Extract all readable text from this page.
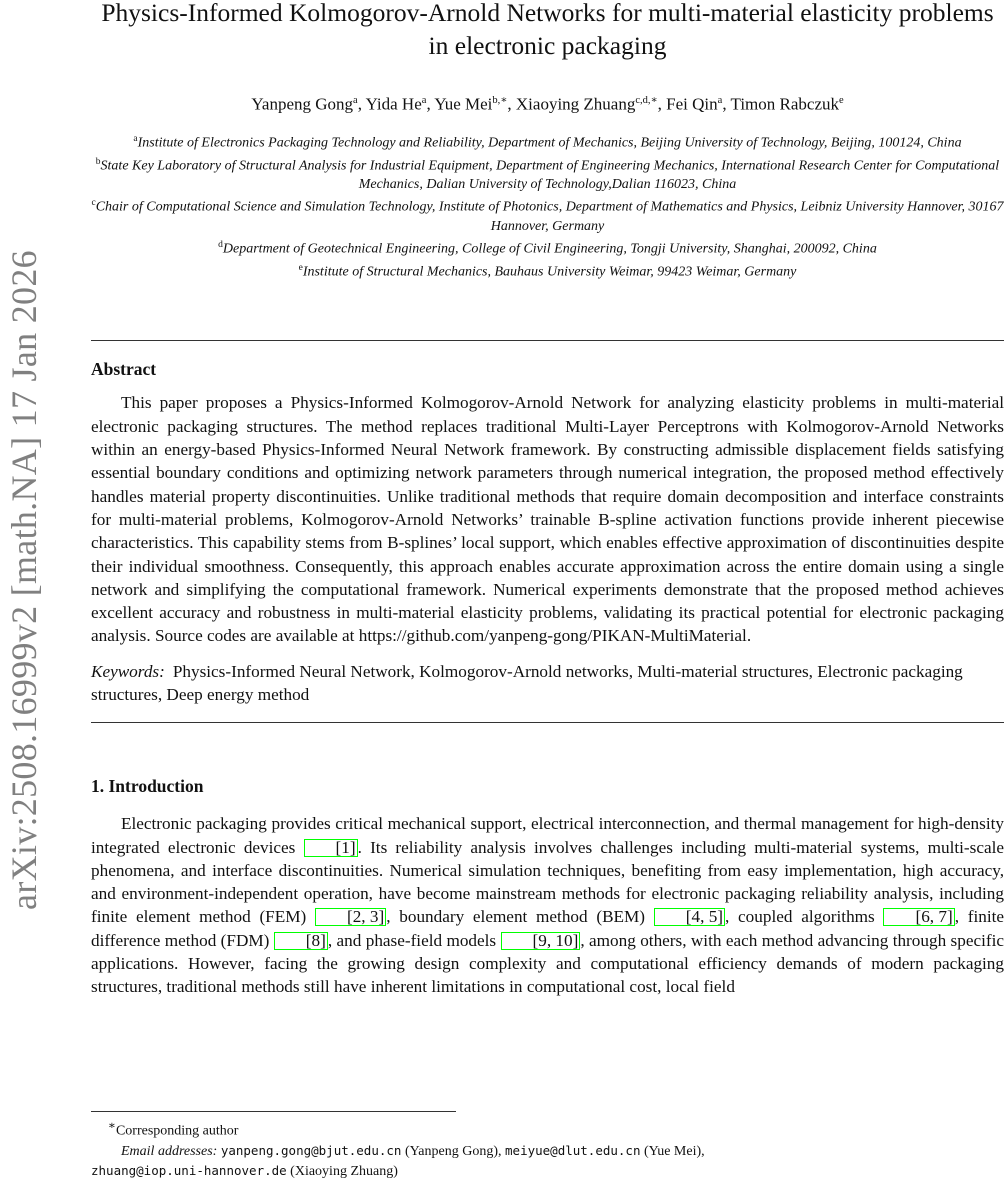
arXiv:2508.16999v2 [math.NA] 17 Jan 2026
Physics-Informed Kolmogorov-Arnold Networks for multi-material elasticity problems in electronic packaging
Yanpeng Gong$^a$, Yida He$^a$, Yue Mei$^{b,∗}$, Xiaoying Zhuang$^{c,d,∗}$, Fei Qin$^a$, Timon Rabczuk$^e$
$^a$Institute of Electronics Packaging Technology and Reliability, Department of Mechanics, Beijing University of Technology, Beijing, 100124, China
$^b$State Key Laboratory of Structural Analysis for Industrial Equipment, Department of Engineering Mechanics, International Research Center for Computational Mechanics, Dalian University of Technology,Dalian 116023, China
$^c$Chair of Computational Science and Simulation Technology, Institute of Photonics, Department of Mathematics and Physics, Leibniz University Hannover, 30167 Hannover, Germany
$^d$Department of Geotechnical Engineering, College of Civil Engineering, Tongji University, Shanghai, 200092, China
$^e$Institute of Structural Mechanics, Bauhaus University Weimar, 99423 Weimar, Germany
Abstract

This paper proposes a Physics-Informed Kolmogorov-Arnold Network for analyzing elasticity problems in multi-material electronic packaging structures. The method replaces traditional Multi-Layer Perceptrons with Kolmogorov-Arnold Networks within an energy-based Physics-Informed Neural Network framework. By constructing admissible displacement fields satisfying essential boundary conditions and optimizing network parameters through numerical integration, the proposed method effectively handles material property discontinuities. Unlike traditional methods that require domain decomposition and interface constraints for multi-material problems, Kolmogorov-Arnold Networks’ trainable B-spline activation functions provide inherent piecewise characteristics. This capability stems from B-splines’ local support, which enables effective approximation of discontinuities despite their individual smoothness. Consequently, this approach enables accurate approximation across the entire domain using a single network and simplifying the computational framework. Numerical experiments demonstrate that the proposed method achieves excellent accuracy and robustness in multi-material elasticity problems, validating its practical potential for electronic packaging analysis. Source codes are available at https://github.com/yanpeng-gong/PIKAN-MultiMaterial.

Keywords: Physics-Informed Neural Network, Kolmogorov-Arnold networks, Multi-material structures, Electronic packaging structures, Deep energy method
1. Introduction

Electronic packaging provides critical mechanical support, electrical interconnection, and thermal management for high-density integrated electronic devices [1] . Its reliability analysis involves challenges including multi-material systems, multi-scale phenomena, and interface discontinuities. Numerical simulation techniques, benefiting from easy implementation, high accuracy, and environment-independent operation, have become mainstream methods for electronic packaging reliability analysis, including finite element method (FEM) [2, 3] , boundary element method (BEM) [4, 5] , coupled algorithms [6, 7] , finite difference method (FDM) [8] , and phase-field models [9, 10] , among others, with each method advancing through specific applications. However, facing the growing design complexity and computational efficiency demands of modern packaging structures, traditional methods still have inherent limitations in computational cost, local field

∗Corresponding author
Email addresses: yanpeng.gong@bjut.edu.cn (Yanpeng Gong), meiyue@dlut.edu.cn (Yue Mei),
zhuang@iop.uni-hannover.de (Xiaoying Zhuang)
